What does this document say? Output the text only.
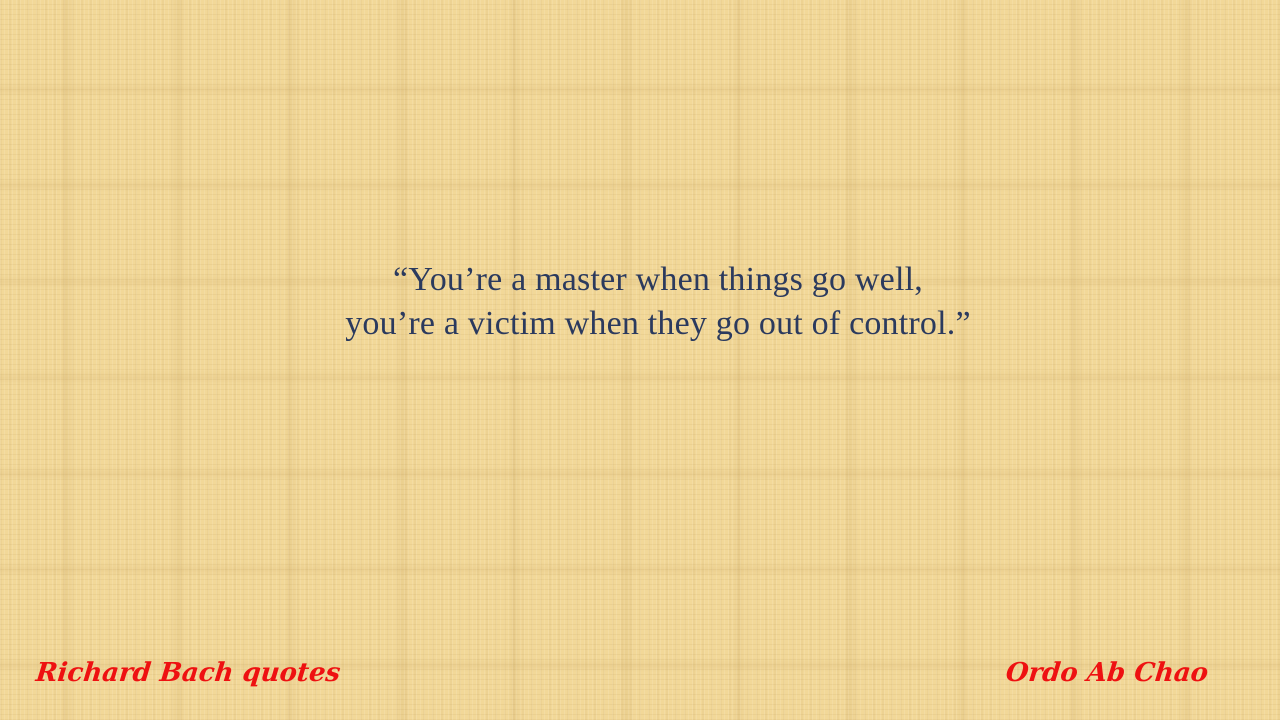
“You’re a master when things go well,
you’re a victim when they go out of control.”
Richard Bach quotes	Ordo Ab Chao
